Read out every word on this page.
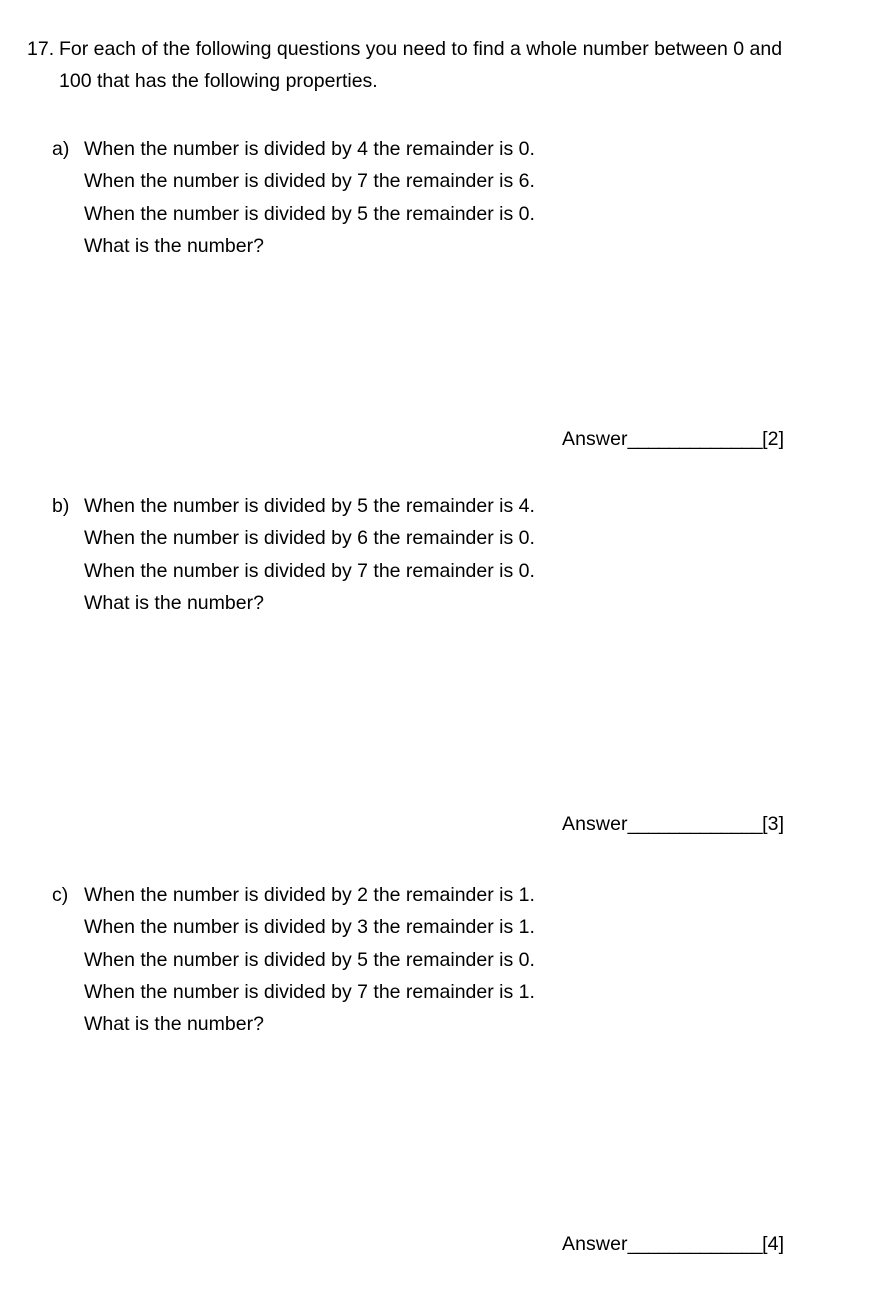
17. For each of the following questions you need to find a whole number between 0 and 100 that has the following properties.
a) When the number is divided by 4 the remainder is 0.
When the number is divided by 7 the remainder is 6.
When the number is divided by 5 the remainder is 0.
What is the number?
Answer_____________[2]
b) When the number is divided by 5 the remainder is 4.
When the number is divided by 6 the remainder is 0.
When the number is divided by 7 the remainder is 0.
What is the number?
Answer_____________[3]
c) When the number is divided by 2 the remainder is 1.
When the number is divided by 3 the remainder is 1.
When the number is divided by 5 the remainder is 0.
When the number is divided by 7 the remainder is 1.
What is the number?
Answer_____________[4]
